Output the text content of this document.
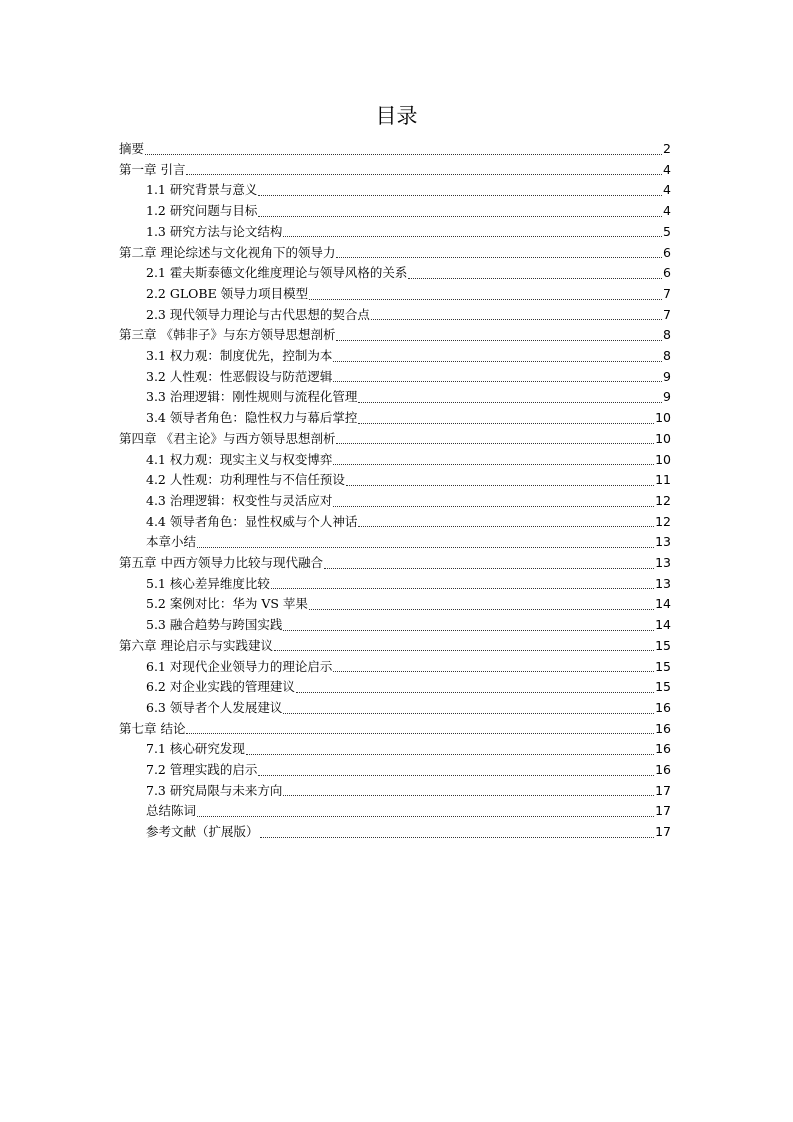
目录
摘要	2
第一章 引言	4
1.1 研究背景与意义	4
1.2 研究问题与目标	4
1.3 研究方法与论文结构	5
第二章 理论综述与文化视角下的领导力	6
2.1 霍夫斯泰德文化维度理论与领导风格的关系	6
2.2 GLOBE 领导力项目模型	7
2.3 现代领导力理论与古代思想的契合点	7
第三章 《韩非子》与东方领导思想剖析	8
3.1 权力观：制度优先，控制为本	8
3.2 人性观：性恶假设与防范逻辑	9
3.3 治理逻辑：刚性规则与流程化管理	9
3.4 领导者角色：隐性权力与幕后掌控	10
第四章 《君主论》与西方领导思想剖析	10
4.1 权力观：现实主义与权变博弈	10
4.2 人性观：功利理性与不信任预设	11
4.3 治理逻辑：权变性与灵活应对	12
4.4 领导者角色：显性权威与个人神话	12
本章小结	13
第五章 中西方领导力比较与现代融合	13
5.1 核心差异维度比较	13
5.2 案例对比：华为 VS 苹果	14
5.3 融合趋势与跨国实践	14
第六章 理论启示与实践建议	15
6.1 对现代企业领导力的理论启示	15
6.2 对企业实践的管理建议	15
6.3 领导者个人发展建议	16
第七章 结论	16
7.1 核心研究发现	16
7.2 管理实践的启示	16
7.3 研究局限与未来方向	17
总结陈词	17
参考文献（扩展版）	17
